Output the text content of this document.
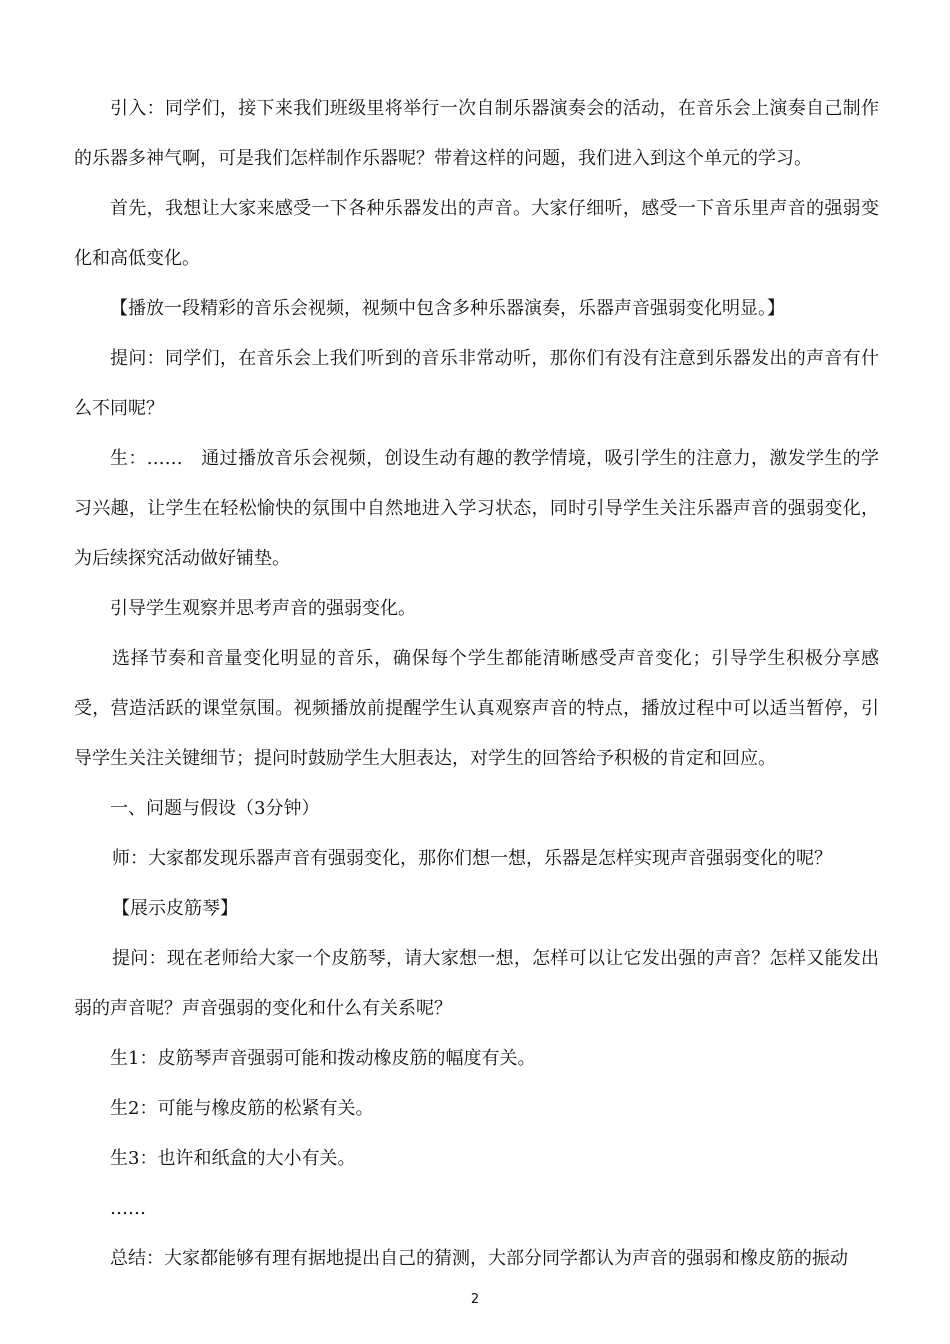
引入：同学们，接下来我们班级里将举行一次自制乐器演奏会的活动，在音乐会上演奏自己制作的乐器多神气啊，可是我们怎样制作乐器呢？带着这样的问题，我们进入到这个单元的学习。

首先，我想让大家来感受一下各种乐器发出的声音。大家仔细听，感受一下音乐里声音的强弱变化和高低变化。

【播放一段精彩的音乐会视频，视频中包含多种乐器演奏，乐器声音强弱变化明显。】

提问：同学们，在音乐会上我们听到的音乐非常动听，那你们有没有注意到乐器发出的声音有什么不同呢？

生：……　通过播放音乐会视频，创设生动有趣的教学情境，吸引学生的注意力，激发学生的学习兴趣，让学生在轻松愉快的氛围中自然地进入学习状态，同时引导学生关注乐器声音的强弱变化，为后续探究活动做好铺垫。

引导学生观察并思考声音的强弱变化。

选择节奏和音量变化明显的音乐，确保每个学生都能清晰感受声音变化；引导学生积极分享感受，营造活跃的课堂氛围。视频播放前提醒学生认真观察声音的特点，播放过程中可以适当暂停，引导学生关注关键细节；提问时鼓励学生大胆表达，对学生的回答给予积极的肯定和回应。

一、问题与假设（3分钟）

师：大家都发现乐器声音有强弱变化，那你们想一想，乐器是怎样实现声音强弱变化的呢？

【展示皮筋琴】

提问：现在老师给大家一个皮筋琴，请大家想一想，怎样可以让它发出强的声音？怎样又能发出弱的声音呢？声音强弱的变化和什么有关系呢？

生1：皮筋琴声音强弱可能和拨动橡皮筋的幅度有关。

生2：可能与橡皮筋的松紧有关。

生3：也许和纸盒的大小有关。

……

总结：大家都能够有理有据地提出自己的猜测，大部分同学都认为声音的强弱和橡皮筋的振动

2
